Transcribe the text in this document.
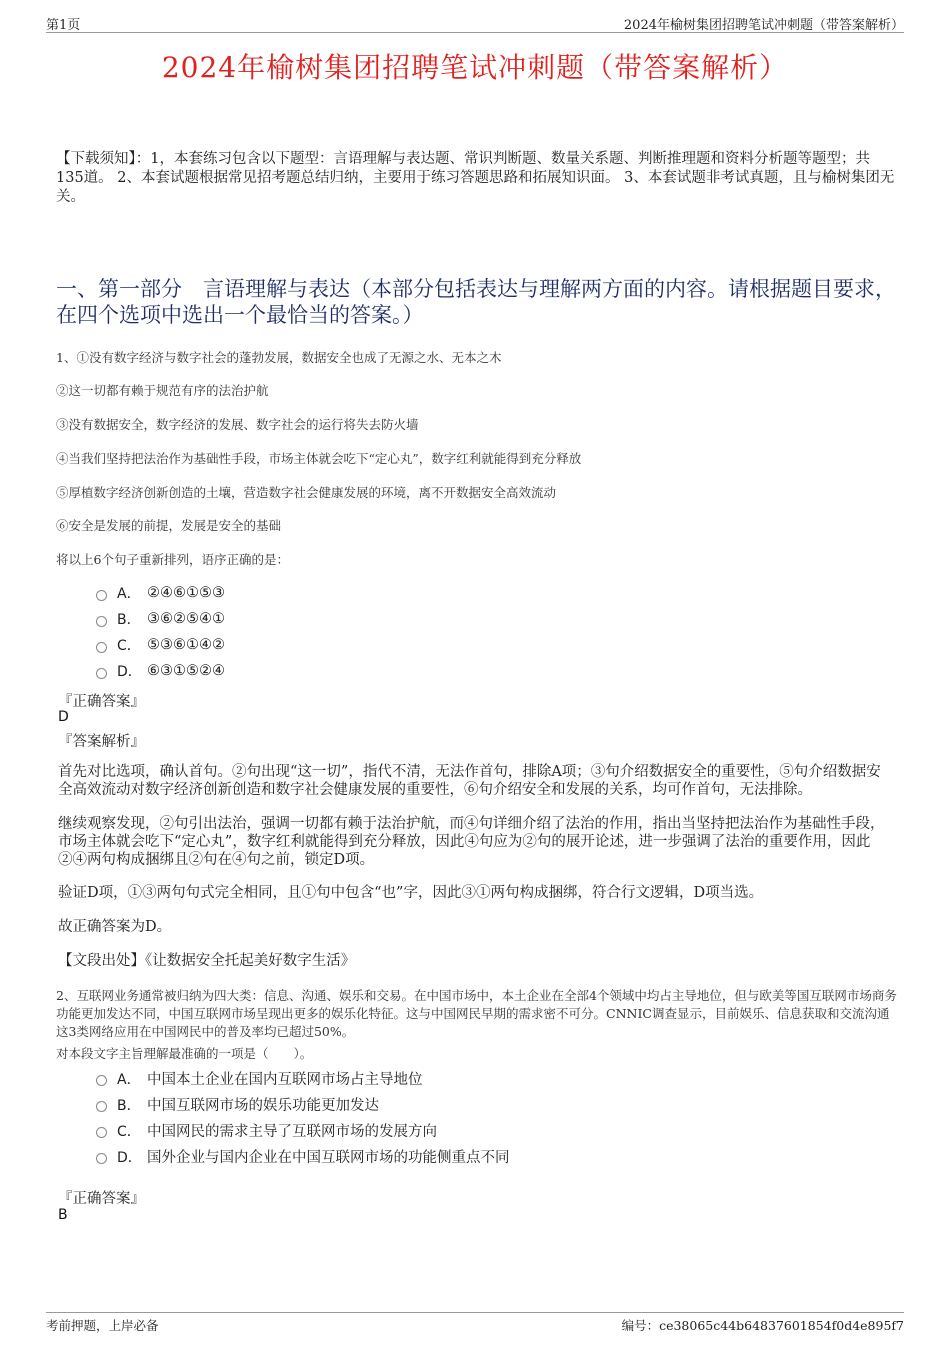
第1页	2024年榆树集团招聘笔试冲刺题（带答案解析）
2024年榆树集团招聘笔试冲刺题（带答案解析）
【下载须知】：1，本套练习包含以下题型：言语理解与表达题、常识判断题、数量关系题、判断推理题和资料分析题等题型；共135道。 2、本套试题根据常见招考题总结归纳，主要用于练习答题思路和拓展知识面。 3、本套试题非考试真题，且与榆树集团无关。
一、第一部分　言语理解与表达（本部分包括表达与理解两方面的内容。请根据题目要求，在四个选项中选出一个最恰当的答案。）
1、①没有数字经济与数字社会的蓬勃发展，数据安全也成了无源之水、无本之木
②这一切都有赖于规范有序的法治护航
③没有数据安全，数字经济的发展、数字社会的运行将失去防火墙
④当我们坚持把法治作为基础性手段，市场主体就会吃下“定心丸”，数字红利就能得到充分释放
⑤厚植数字经济创新创造的土壤，营造数字社会健康发展的环境，离不开数据安全高效流动
⑥安全是发展的前提，发展是安全的基础
将以上6个句子重新排列，语序正确的是：
A． ②④⑥①⑤③
B． ③⑥②⑤④①
C． ⑤③⑥①④②
D． ⑥③①⑤②④
『正确答案』
D
『答案解析』
首先对比选项，确认首句。②句出现“这一切”，指代不清，无法作首句，排除A项；③句介绍数据安全的重要性，⑤句介绍数据安全高效流动对数字经济创新创造和数字社会健康发展的重要性，⑥句介绍安全和发展的关系，均可作首句，无法排除。
继续观察发现，②句引出法治，强调一切都有赖于法治护航，而④句详细介绍了法治的作用，指出当坚持把法治作为基础性手段，市场主体就会吃下“定心丸”，数字红利就能得到充分释放，因此④句应为②句的展开论述，进一步强调了法治的重要作用，因此②④两句构成捆绑且②句在④句之前，锁定D项。
验证D项，①③两句句式完全相同，且①句中包含“也”字，因此③①两句构成捆绑，符合行文逻辑，D项当选。
故正确答案为D。
【文段出处】《让数据安全托起美好数字生活》
2、互联网业务通常被归纳为四大类：信息、沟通、娱乐和交易。在中国市场中，本土企业在全部4个领域中均占主导地位，但与欧美等国互联网市场商务功能更加发达不同，中国互联网市场呈现出更多的娱乐化特征。这与中国网民早期的需求密不可分。CNNIC调查显示，目前娱乐、信息获取和交流沟通这3类网络应用在中国网民中的普及率均已超过50%。
对本段文字主旨理解最准确的一项是（　　）。
A． 中国本土企业在国内互联网市场占主导地位
B． 中国互联网市场的娱乐功能更加发达
C． 中国网民的需求主导了互联网市场的发展方向
D． 国外企业与国内企业在中国互联网市场的功能侧重点不同
『正确答案』
B
考前押题，上岸必备	编号：ce38065c44b64837601854f0d4e895f7
